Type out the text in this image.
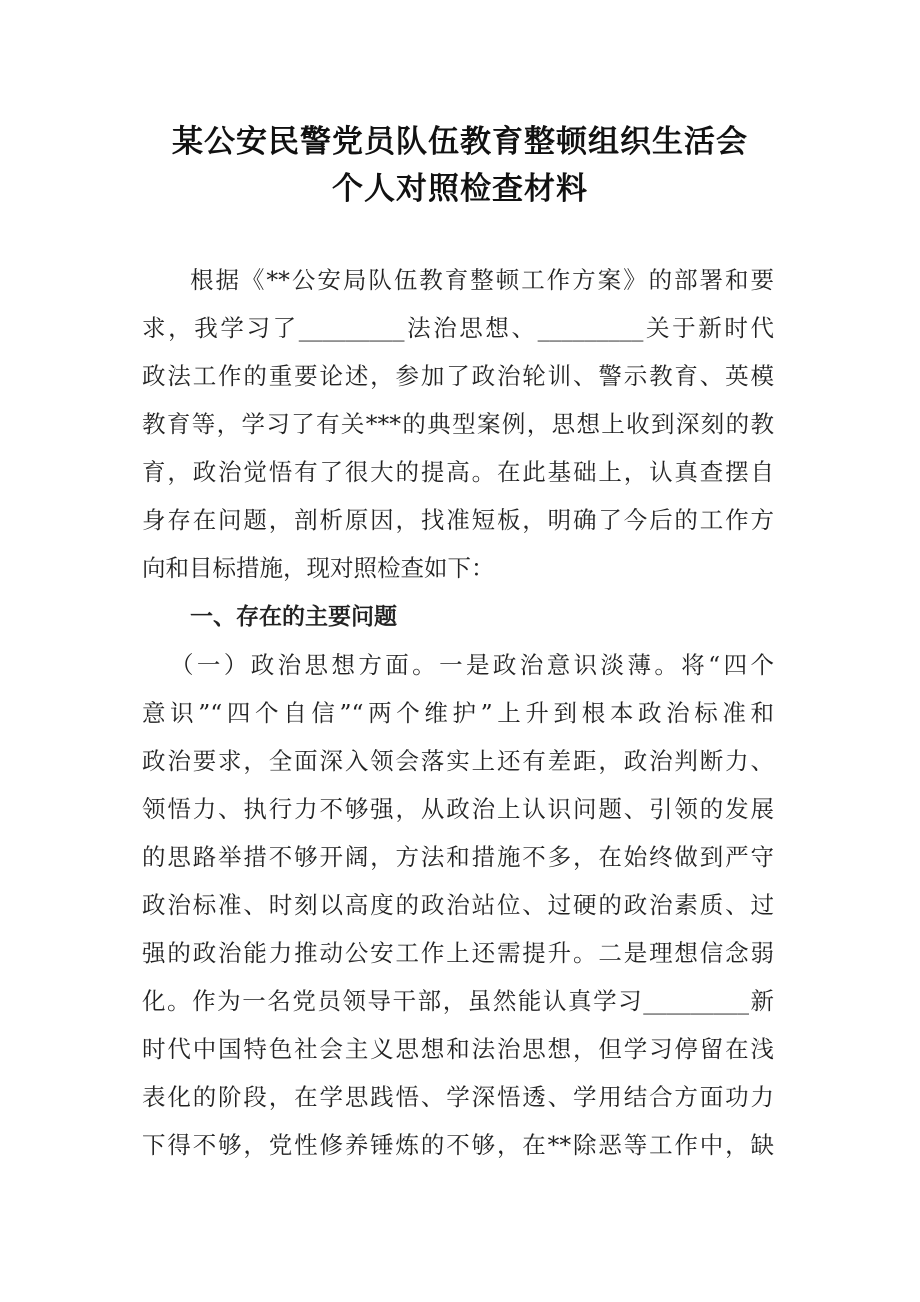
某公安民警党员队伍教育整顿组织生活会
个人对照检查材料
根据《**公安局队伍教育整顿工作方案》的部署和要
求，我学习了_________法治思想、_________关于新时代
政法工作的重要论述，参加了政治轮训、警示教育、英模
教育等，学习了有关***的典型案例，思想上收到深刻的教
育，政治觉悟有了很大的提高。在此基础上，认真查摆自
身存在问题，剖析原因，找准短板，明确了今后的工作方
向和目标措施，现对照检查如下：
一、存在的主要问题
（一）政治思想方面。一是政治意识淡薄。将“四个
意识”“四个自信”“两个维护”上升到根本政治标准和
政治要求，全面深入领会落实上还有差距，政治判断力、
领悟力、执行力不够强，从政治上认识问题、引领的发展
的思路举措不够开阔，方法和措施不多，在始终做到严守
政治标准、时刻以高度的政治站位、过硬的政治素质、过
强的政治能力推动公安工作上还需提升。二是理想信念弱
化。作为一名党员领导干部，虽然能认真学习_________新
时代中国特色社会主义思想和法治思想，但学习停留在浅
表化的阶段，在学思践悟、学深悟透、学用结合方面功力
下得不够，党性修养锤炼的不够，在**除恶等工作中，缺
